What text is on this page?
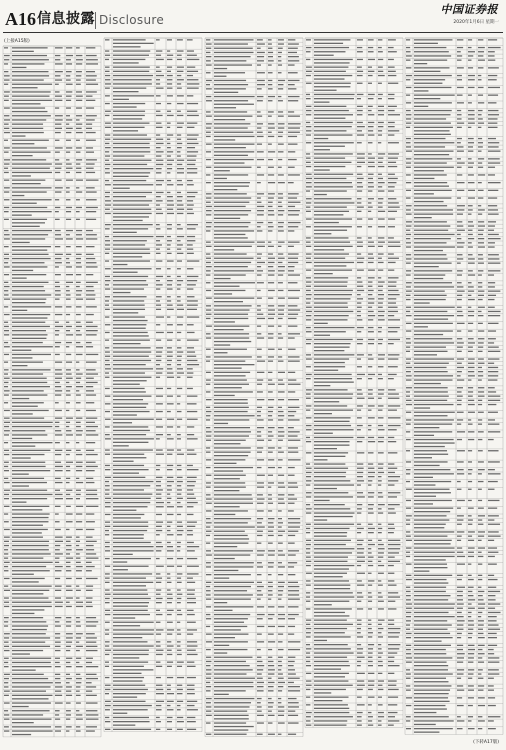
A16 信息披露 Disclosure
中国证券报
2020年1月6日 星期一
(上接A15版)
(下转A17版)
